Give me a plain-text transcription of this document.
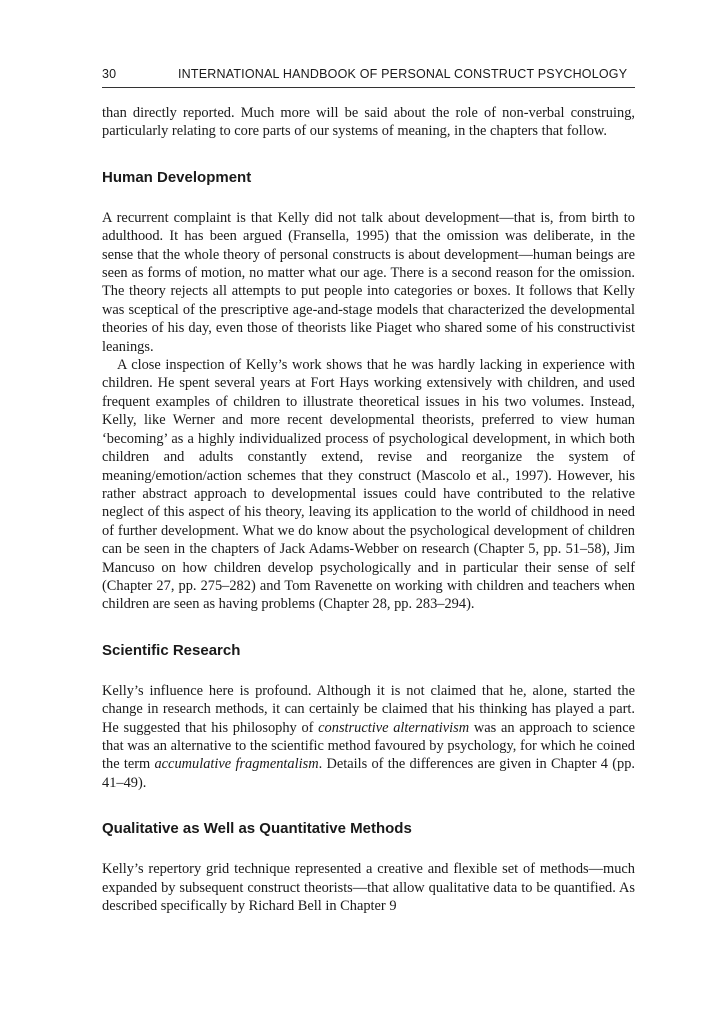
30	INTERNATIONAL HANDBOOK OF PERSONAL CONSTRUCT PSYCHOLOGY

than directly reported. Much more will be said about the role of non-verbal construing, particularly relating to core parts of our systems of meaning, in the chapters that follow.

Human Development

A recurrent complaint is that Kelly did not talk about development—that is, from birth to adulthood. It has been argued (Fransella, 1995) that the omission was deliberate, in the sense that the whole theory of personal constructs is about development—human beings are seen as forms of motion, no matter what our age. There is a second reason for the omission. The theory rejects all attempts to put people into categories or boxes. It follows that Kelly was sceptical of the prescriptive age-and-stage models that characterized the developmental theories of his day, even those of theorists like Piaget who shared some of his constructivist leanings.

A close inspection of Kelly’s work shows that he was hardly lacking in experience with children. He spent several years at Fort Hays working extensively with children, and used frequent examples of children to illustrate theoretical issues in his two volumes. Instead, Kelly, like Werner and more recent developmental theorists, preferred to view human ‘becoming’ as a highly individualized process of psychological development, in which both children and adults constantly extend, revise and reorganize the system of meaning/emotion/action schemes that they construct (Mascolo et al., 1997). However, his rather abstract approach to developmental issues could have contributed to the relative neglect of this aspect of his theory, leaving its application to the world of childhood in need of further development. What we do know about the psychological development of children can be seen in the chapters of Jack Adams-Webber on research (Chapter 5, pp. 51–58), Jim Mancuso on how children develop psychologically and in particular their sense of self (Chapter 27, pp. 275–282) and Tom Ravenette on working with children and teachers when children are seen as having problems (Chapter 28, pp. 283–294).

Scientific Research

Kelly’s influence here is profound. Although it is not claimed that he, alone, started the change in research methods, it can certainly be claimed that his thinking has played a part. He suggested that his philosophy of constructive alternativism was an approach to science that was an alternative to the scientific method favoured by psychology, for which he coined the term accumulative fragmentalism. Details of the differences are given in Chapter 4 (pp. 41–49).

Qualitative as Well as Quantitative Methods

Kelly’s repertory grid technique represented a creative and flexible set of methods—much expanded by subsequent construct theorists—that allow qualitative data to be quantified. As described specifically by Richard Bell in Chapter 9
